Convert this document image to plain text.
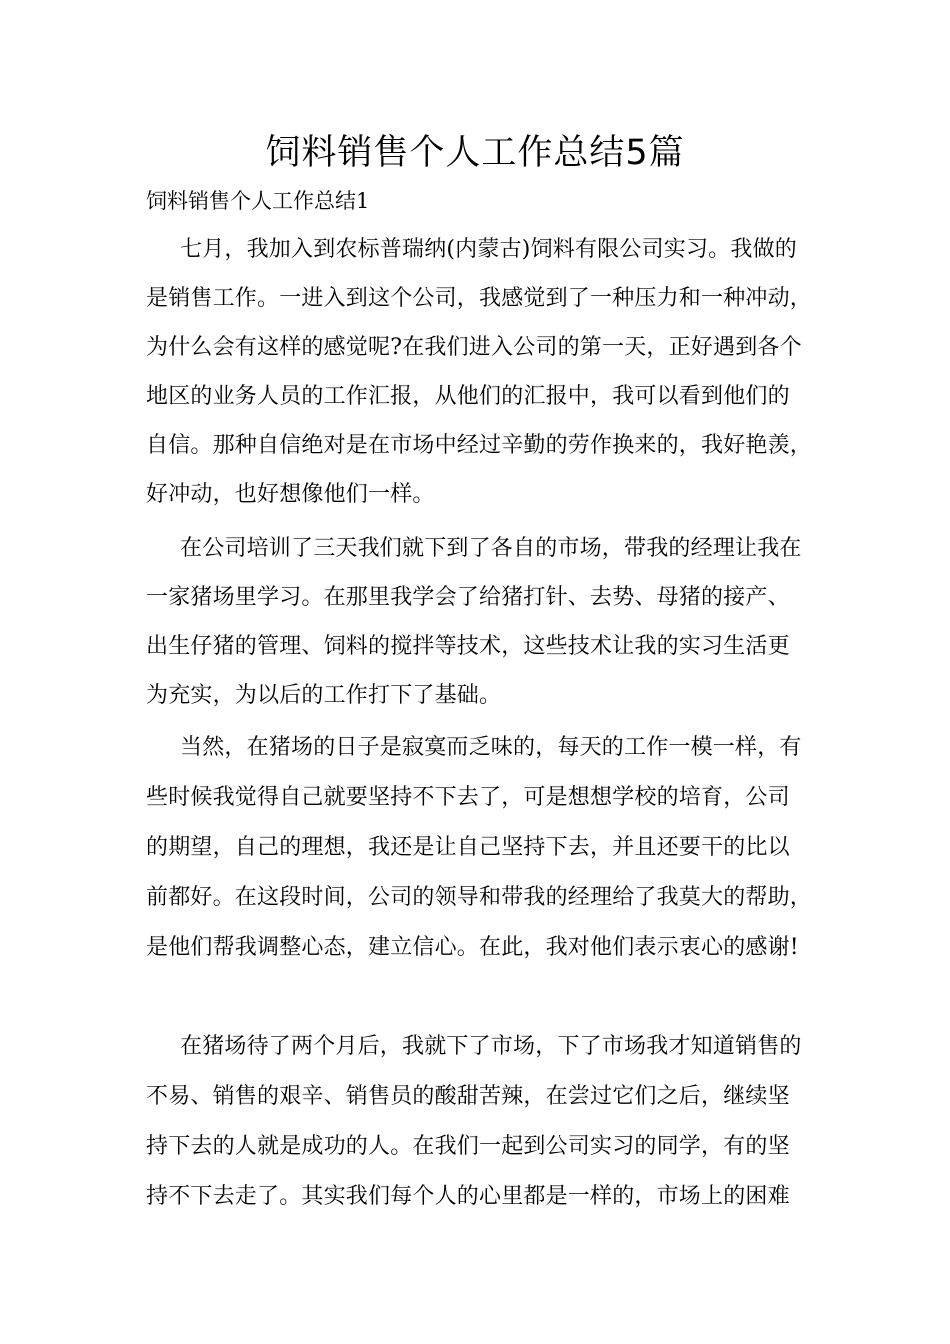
饲料销售个人工作总结5篇

饲料销售个人工作总结1

七月，我加入到农标普瑞纳(内蒙古)饲料有限公司实习。我做的
是销售工作。一进入到这个公司，我感觉到了一种压力和一种冲动，
为什么会有这样的感觉呢?在我们进入公司的第一天，正好遇到各个
地区的业务人员的工作汇报，从他们的汇报中，我可以看到他们的
自信。那种自信绝对是在市场中经过辛勤的劳作换来的，我好艳羡，
好冲动，也好想像他们一样。
在公司培训了三天我们就下到了各自的市场，带我的经理让我在
一家猪场里学习。在那里我学会了给猪打针、去势、母猪的接产、
出生仔猪的管理、饲料的搅拌等技术，这些技术让我的实习生活更
为充实，为以后的工作打下了基础。
当然，在猪场的日子是寂寞而乏味的，每天的工作一模一样，有
些时候我觉得自己就要坚持不下去了，可是想想学校的培育，公司
的期望，自己的理想，我还是让自己坚持下去，并且还要干的比以
前都好。在这段时间，公司的领导和带我的经理给了我莫大的帮助，
是他们帮我调整心态，建立信心。在此，我对他们表示衷心的感谢!
在猪场待了两个月后，我就下了市场，下了市场我才知道销售的
不易、销售的艰辛、销售员的酸甜苦辣，在尝过它们之后，继续坚
持下去的人就是成功的人。在我们一起到公司实习的同学，有的坚
持不下去走了。其实我们每个人的心里都是一样的，市场上的困难
